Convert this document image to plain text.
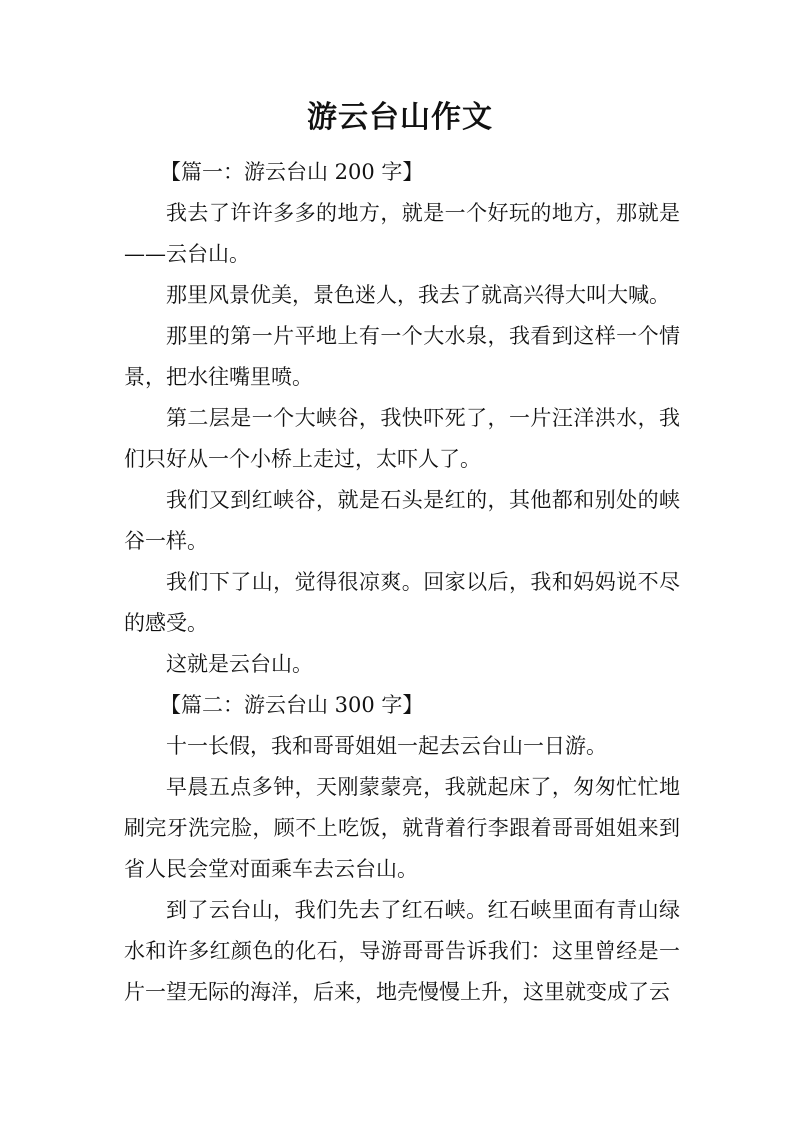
游云台山作文

【篇一：游云台山 200 字】

我去了许许多多的地方，就是一个好玩的地方，那就是——云台山。

那里风景优美，景色迷人，我去了就高兴得大叫大喊。

那里的第一片平地上有一个大水泉，我看到这样一个情景，把水往嘴里喷。

第二层是一个大峡谷，我快吓死了，一片汪洋洪水，我们只好从一个小桥上走过，太吓人了。

我们又到红峡谷，就是石头是红的，其他都和别处的峡谷一样。

我们下了山，觉得很凉爽。回家以后，我和妈妈说不尽的感受。

这就是云台山。

【篇二：游云台山 300 字】

十一长假，我和哥哥姐姐一起去云台山一日游。

早晨五点多钟，天刚蒙蒙亮，我就起床了，匆匆忙忙地刷完牙洗完脸，顾不上吃饭，就背着行李跟着哥哥姐姐来到省人民会堂对面乘车去云台山。

到了云台山，我们先去了红石峡。红石峡里面有青山绿水和许多红颜色的化石，导游哥哥告诉我们：这里曾经是一片一望无际的海洋，后来，地壳慢慢上升，这里就变成了云
